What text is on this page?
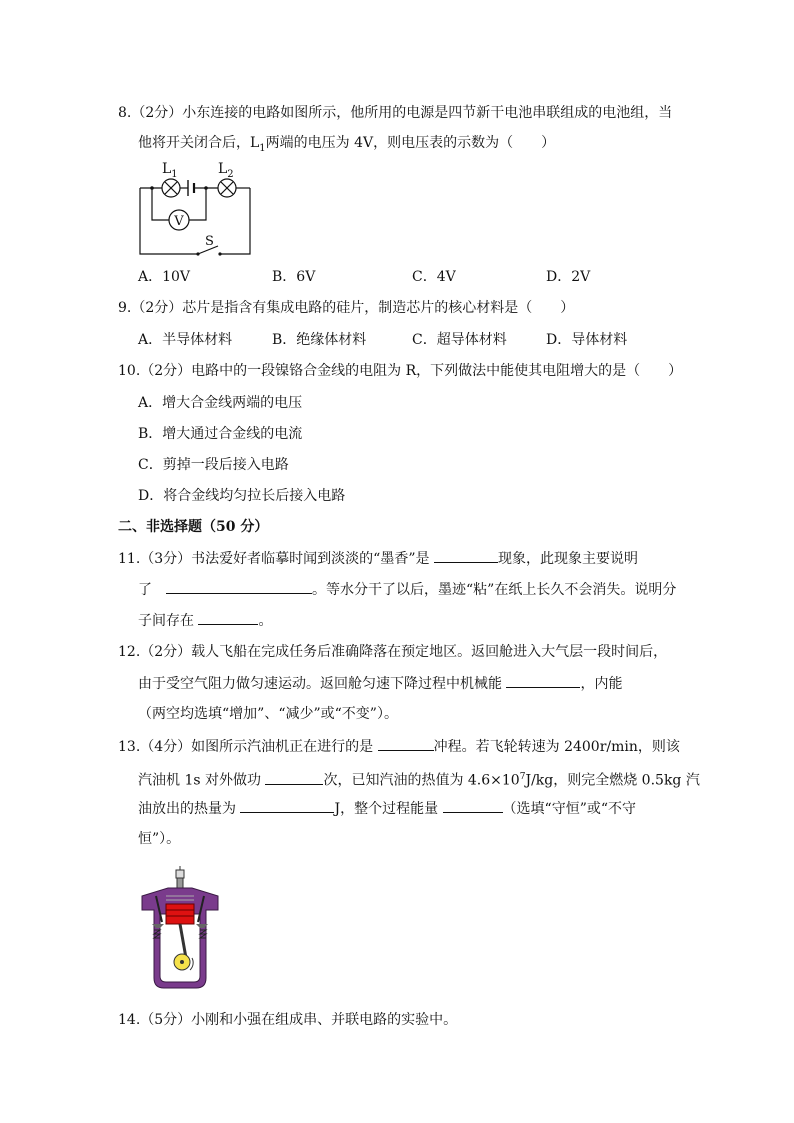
8.（2分）小东连接的电路如图所示，他所用的电源是四节新干电池串联组成的电池组，当
他将开关闭合后，$L_1$两端的电压为 4V，则电压表的示数为（　　）
V
$L_1$	$L_2$
S
A．10V	B．6V	C．4V	D．2V
9.（2分）芯片是指含有集成电路的硅片，制造芯片的核心材料是（　　）
A．半导体材料	B．绝缘体材料	C．超导体材料	D．导体材料
10.（2分）电路中的一段镍铬合金线的电阻为 R，下列做法中能使其电阻增大的是（　　）
A．增大合金线两端的电压
B．增大通过合金线的电流
C．剪掉一段后接入电路
D．将合金线均匀拉长后接入电路
二、非选择题（50 分）
11.（3分）书法爱好者临摹时闻到淡淡的“墨香”是	现象，此现象主要说明
了　	。等水分干了以后，墨迹“粘”在纸上长久不会消失。说明分
子间存在	。
12.（2分）载人飞船在完成任务后准确降落在预定地区。返回舱进入大气层一段时间后，
由于受空气阻力做匀速运动。返回舱匀速下降过程中机械能	，内能
（两空均选填“增加”、“减少”或“不变”）。
13.（4分）如图所示汽油机正在进行的是	冲程。若飞轮转速为 2400r/min，则该
汽油机 1s 对外做功	次，已知汽油的热值为 $4.6\times 10^7J/kg$，则完全燃烧 0.5kg 汽
油放出的热量为	J，整个过程能量	（选填“守恒”或“不守
恒”）。
14.（5分）小刚和小强在组成串、并联电路的实验中。
